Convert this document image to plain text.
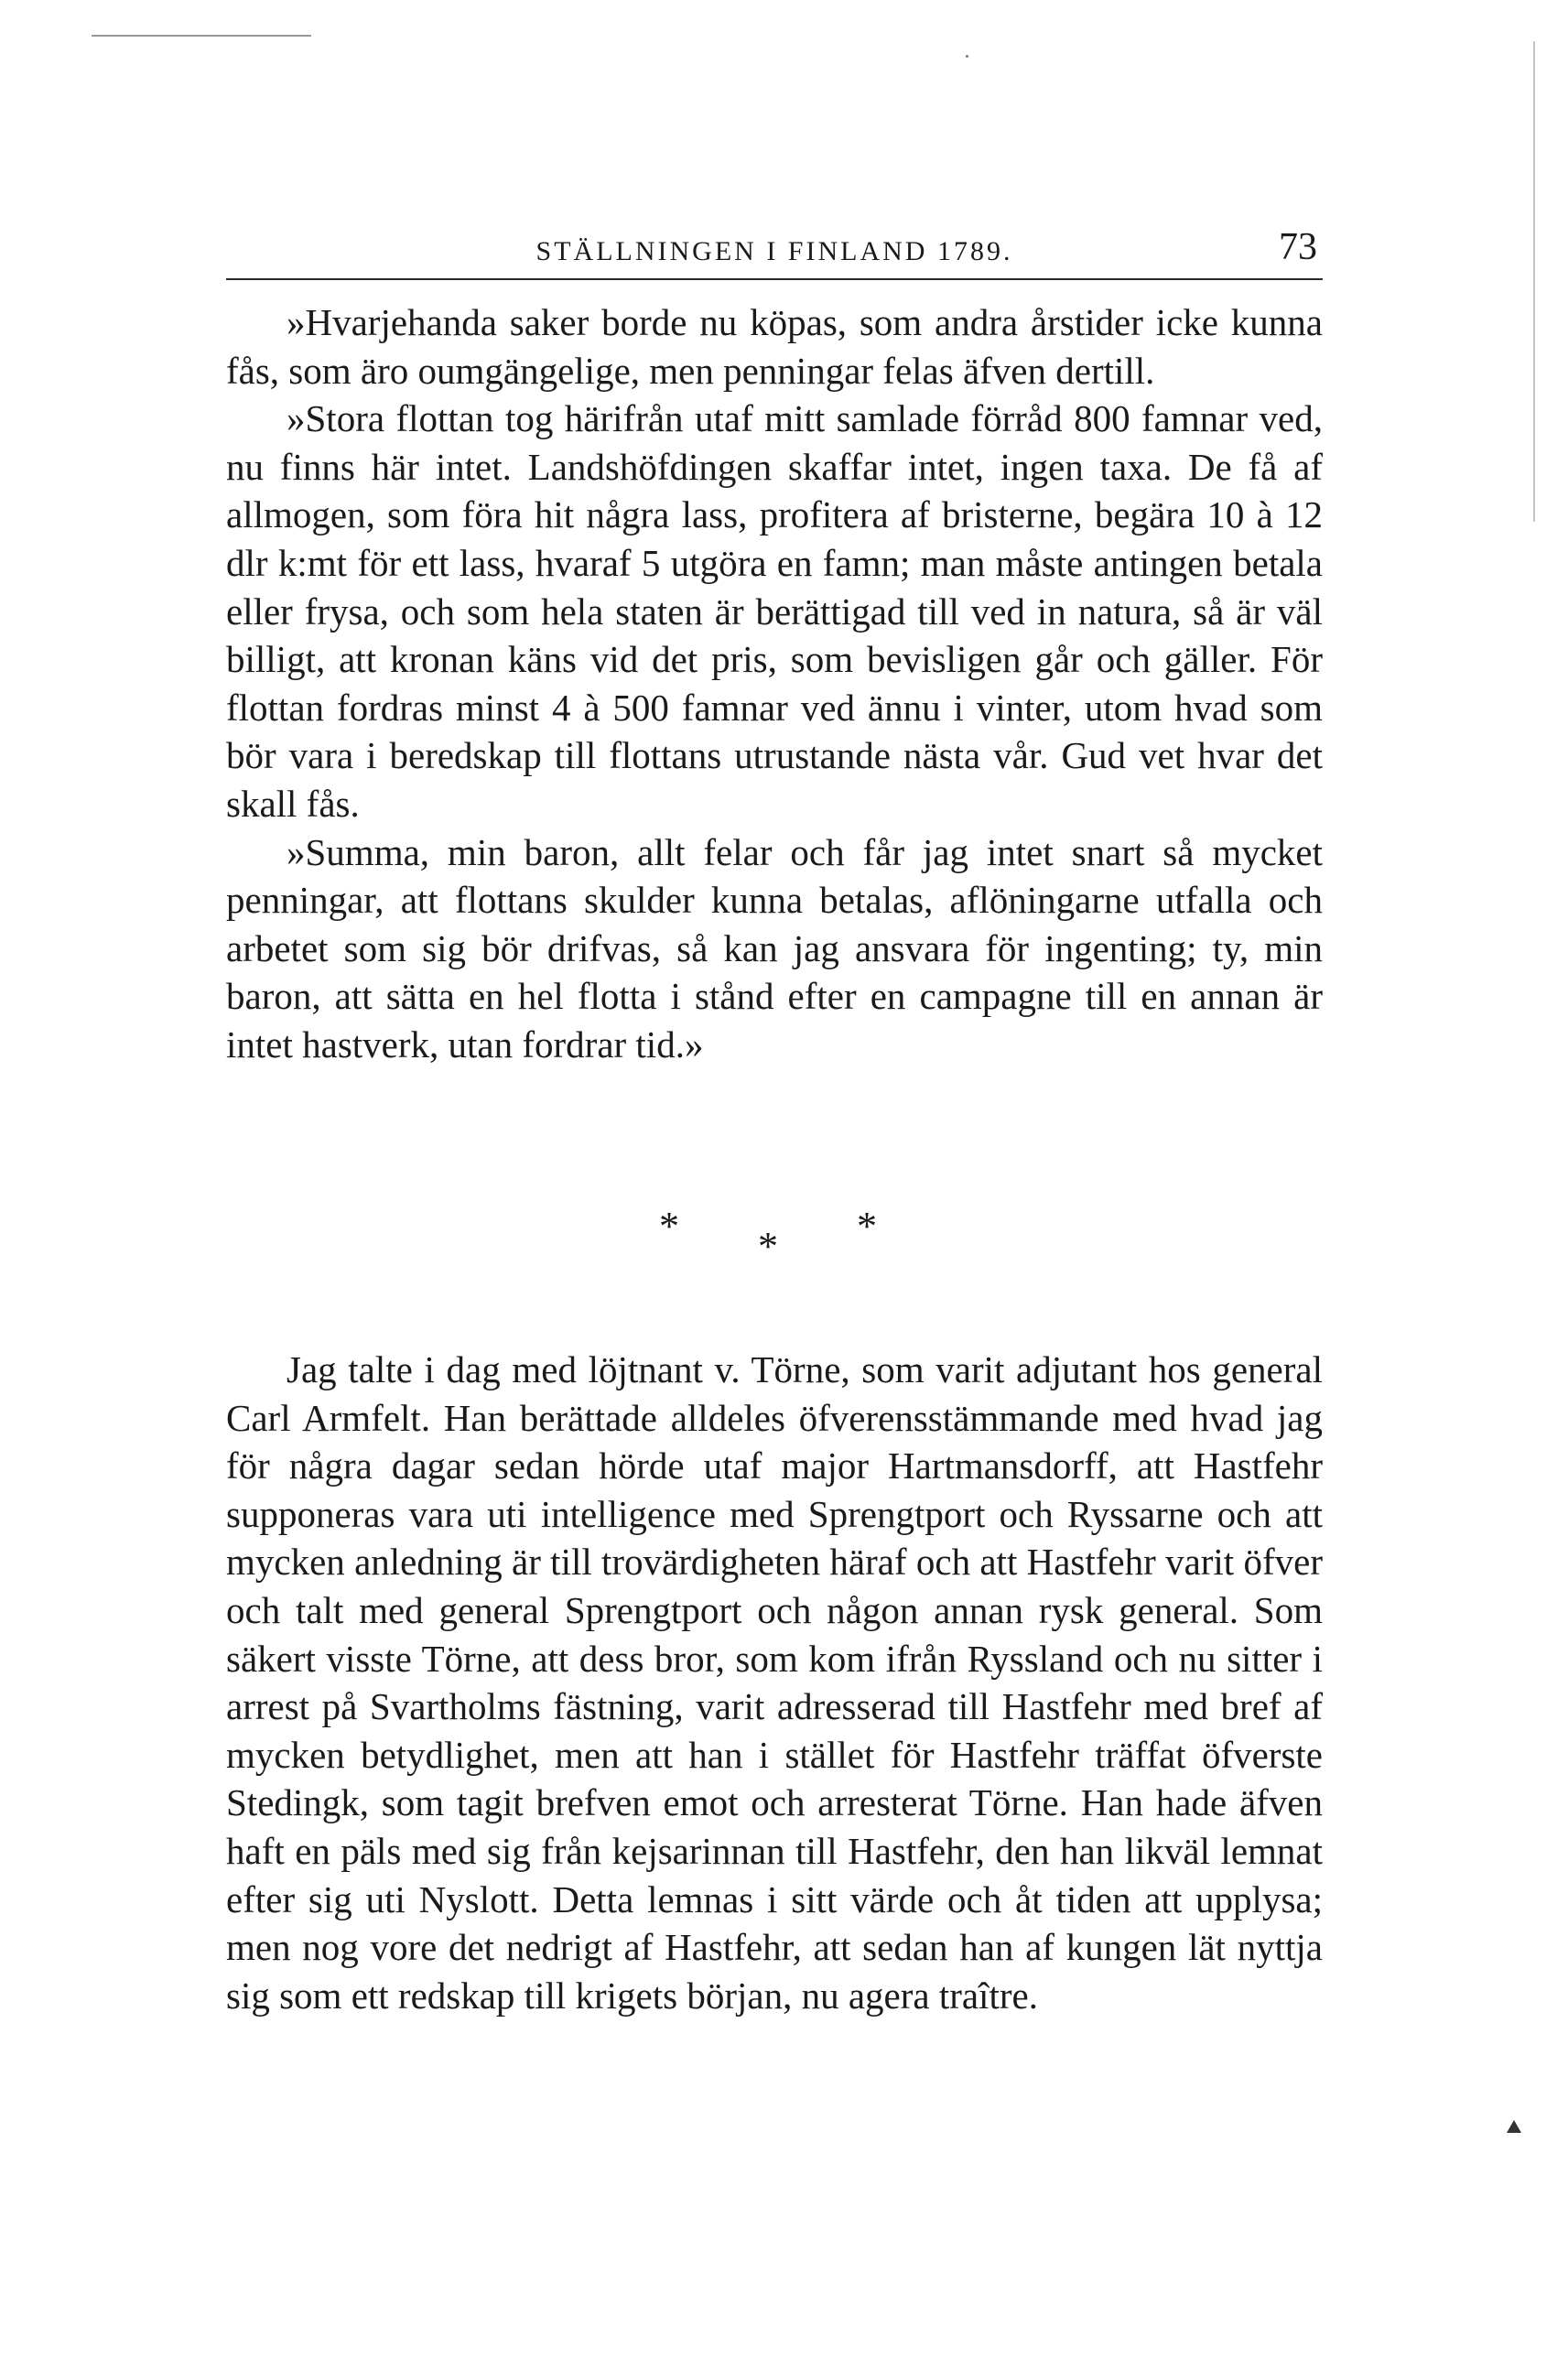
STÄLLNINGEN I FINLAND 1789.	73

»Hvarjehanda saker borde nu köpas, som andra årstider icke kunna fås, som äro oumgängelige, men penningar felas äfven dertill.

»Stora flottan tog härifrån utaf mitt samlade förråd 800 famnar ved, nu finns här intet. Landshöfdingen skaffar intet, ingen taxa. De få af allmogen, som föra hit några lass, profitera af bristerne, begära 10 à 12 dlr k:mt för ett lass, hvaraf 5 utgöra en famn; man måste antingen betala eller frysa, och som hela staten är berättigad till ved in natura, så är väl billigt, att kronan käns vid det pris, som bevisligen går och gäller. För flottan fordras minst 4 à 500 famnar ved ännu i vinter, utom hvad som bör vara i beredskap till flottans utrustande nästa vår. Gud vet hvar det skall fås.

»Summa, min baron, allt felar och får jag intet snart så mycket penningar, att flottans skulder kunna betalas, aflöningarne utfalla och arbetet som sig bör drifvas, så kan jag ansvara för ingenting; ty, min baron, att sätta en hel flotta i stånd efter en campagne till en annan är intet hastverk, utan fordrar tid.»

* * *

Jag talte i dag med löjtnant v. Törne, som varit adjutant hos general Carl Armfelt. Han berättade alldeles öfverensstämmande med hvad jag för några dagar sedan hörde utaf major Hartmansdorff, att Hastfehr supponeras vara uti intelligence med Sprengtport och Ryssarne och att mycken anledning är till trovärdigheten häraf och att Hastfehr varit öfver och talt med general Sprengtport och någon annan rysk general. Som säkert visste Törne, att dess bror, som kom ifrån Ryssland och nu sitter i arrest på Svartholms fästning, varit adresserad till Hastfehr med bref af mycken betydlighet, men att han i stället för Hastfehr träffat öfverste Stedingk, som tagit brefven emot och arresterat Törne. Han hade äfven haft en päls med sig från kejsarinnan till Hastfehr, den han likväl lemnat efter sig uti Nyslott. Detta lemnas i sitt värde och åt tiden att upplysa; men nog vore det nedrigt af Hastfehr, att sedan han af kungen lät nyttja sig som ett redskap till krigets början, nu agera traître.
